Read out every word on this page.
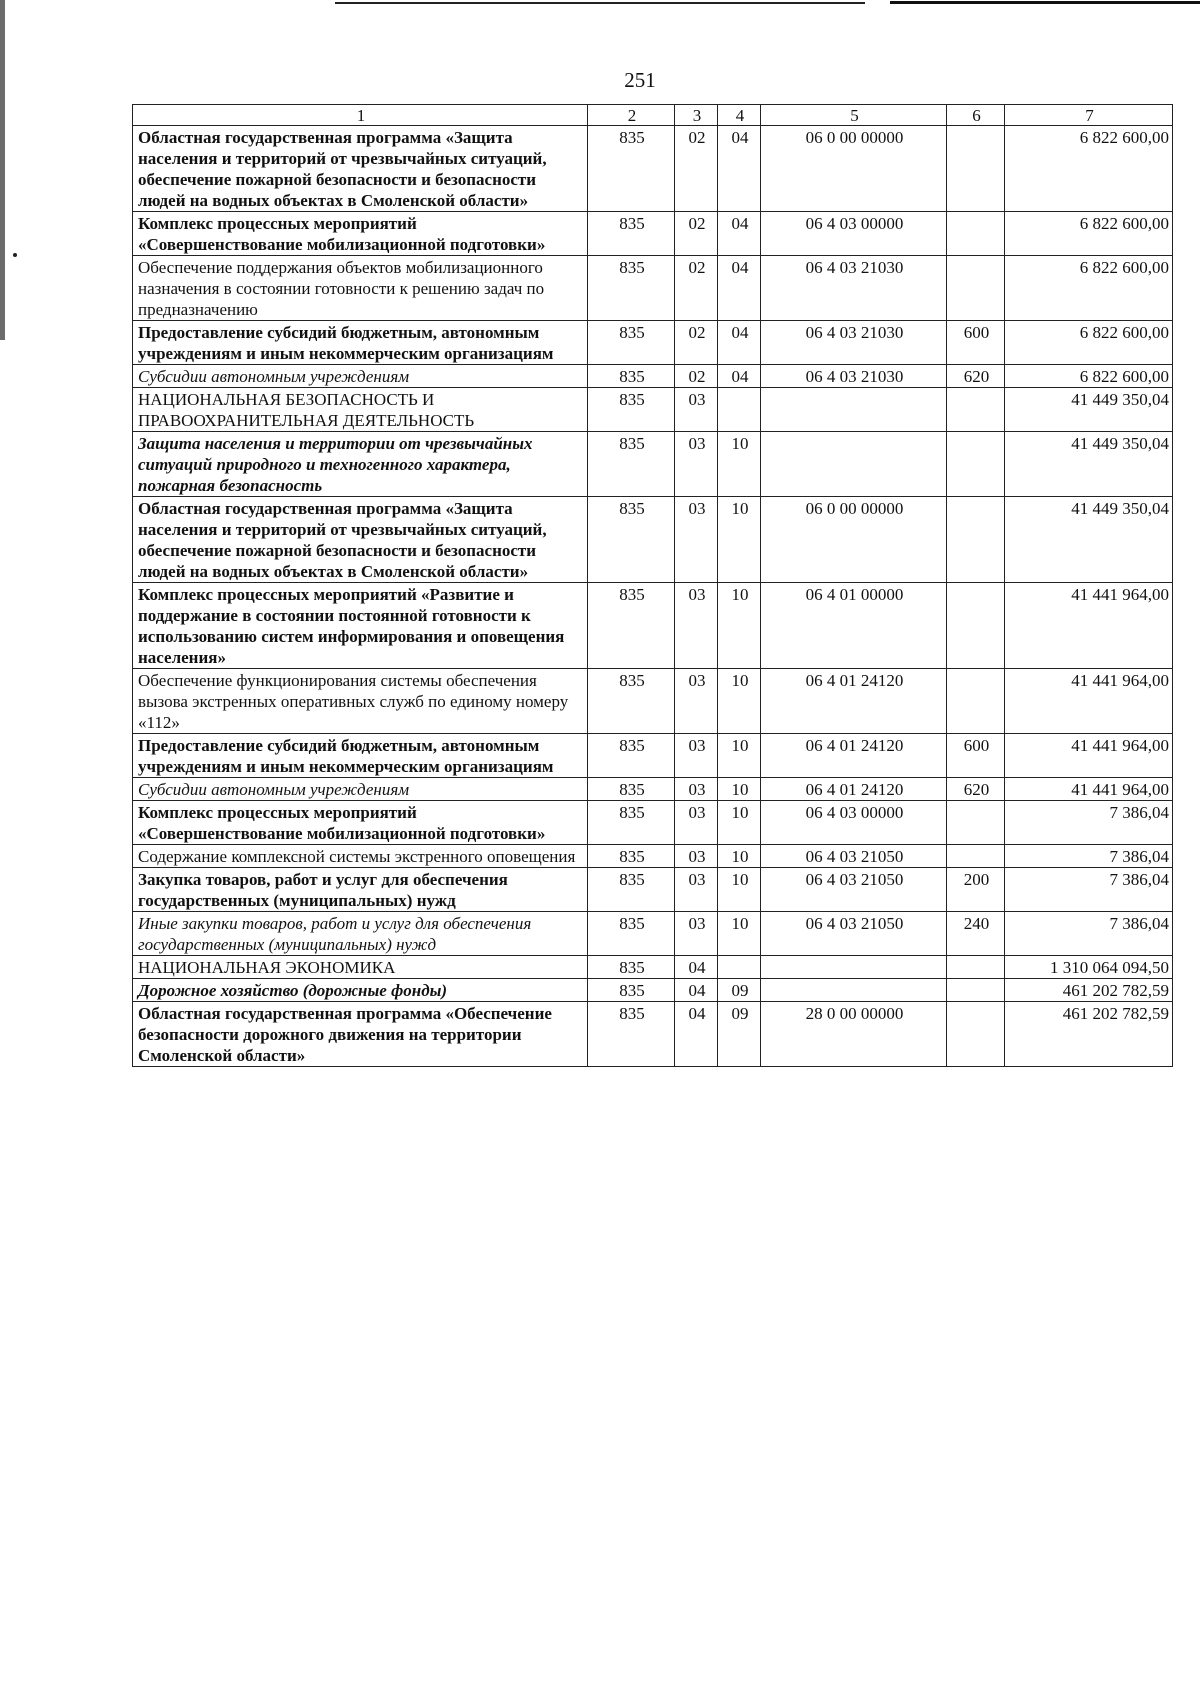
251
1	2	3	4	5	6	7
Областная государственная программа «Защита населения и территорий от чрезвычайных ситуаций, обеспечение пожарной безопасности и безопасности людей на водных объектах в Смоленской области»	835	02	04	06 0 00 00000		6 822 600,00
Комплекс процессных мероприятий «Совершенствование мобилизационной подготовки»	835	02	04	06 4 03 00000		6 822 600,00
Обеспечение поддержания объектов мобилизационного назначения в состоянии готовности к решению задач по предназначению	835	02	04	06 4 03 21030		6 822 600,00
Предоставление субсидий бюджетным, автономным учреждениям и иным некоммерческим организациям	835	02	04	06 4 03 21030	600	6 822 600,00
Субсидии автономным учреждениям	835	02	04	06 4 03 21030	620	6 822 600,00
НАЦИОНАЛЬНАЯ БЕЗОПАСНОСТЬ И ПРАВООХРАНИТЕЛЬНАЯ ДЕЯТЕЛЬНОСТЬ	835	03				41 449 350,04
Защита населения и территории от чрезвычайных ситуаций природного и техногенного характера, пожарная безопасность	835	03	10			41 449 350,04
Областная государственная программа «Защита населения и территорий от чрезвычайных ситуаций, обеспечение пожарной безопасности и безопасности людей на водных объектах в Смоленской области»	835	03	10	06 0 00 00000		41 449 350,04
Комплекс процессных мероприятий «Развитие и поддержание в состоянии постоянной готовности к использованию систем информирования и оповещения населения»	835	03	10	06 4 01 00000		41 441 964,00
Обеспечение функционирования системы обеспечения вызова экстренных оперативных служб по единому номеру «112»	835	03	10	06 4 01 24120		41 441 964,00
Предоставление субсидий бюджетным, автономным учреждениям и иным некоммерческим организациям	835	03	10	06 4 01 24120	600	41 441 964,00
Субсидии автономным учреждениям	835	03	10	06 4 01 24120	620	41 441 964,00
Комплекс процессных мероприятий «Совершенствование мобилизационной подготовки»	835	03	10	06 4 03 00000		7 386,04
Содержание комплексной системы экстренного оповещения	835	03	10	06 4 03 21050		7 386,04
Закупка товаров, работ и услуг для обеспечения государственных (муниципальных) нужд	835	03	10	06 4 03 21050	200	7 386,04
Иные закупки товаров, работ и услуг для обеспечения государственных (муниципальных) нужд	835	03	10	06 4 03 21050	240	7 386,04
НАЦИОНАЛЬНАЯ ЭКОНОМИКА	835	04				1 310 064 094,50
Дорожное хозяйство (дорожные фонды)	835	04	09			461 202 782,59
Областная государственная программа «Обеспечение безопасности дорожного движения на территории Смоленской области»	835	04	09	28 0 00 00000		461 202 782,59
